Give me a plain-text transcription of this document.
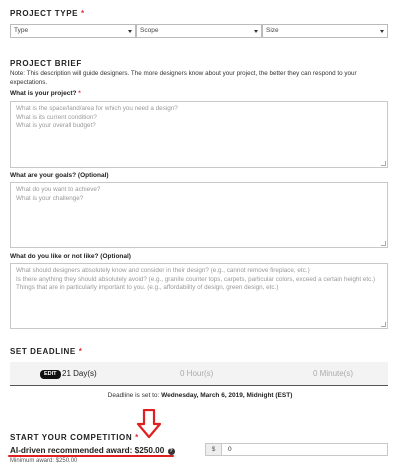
PROJECT TYPE *
Type	Scope	Size
PROJECT BRIEF
Note: This description will guide designers. The more designers know about your project, the better they can respond to your expectations.
What is your project? *
What is the space/land/area for which you need a design?
What is its current condition?
What is your overall budget?
What are your goals? (Optional)
What do you want to achieve?
What is your challenge?
What do you like or not like? (Optional)
What should designers absolutely know and consider in their design? (e.g., cannot remove fireplace, etc.)
Is there anything they should absolutely avoid? (e.g., granite counter tops, carpets, particular colors, exceed a certain height etc.)
Things that are in particularly important to you. (e.g., affordability of design, green design, etc.)
SET DEADLINE *
EDIT 21 Day(s)	0 Hour(s)	0 Minute(s)
Deadline is set to: Wednesday, March 6, 2019, Midnight (EST)
START YOUR COMPETITION *
AI-driven recommended award: $250.00 ?
Minimum award: $250.00
$
0
